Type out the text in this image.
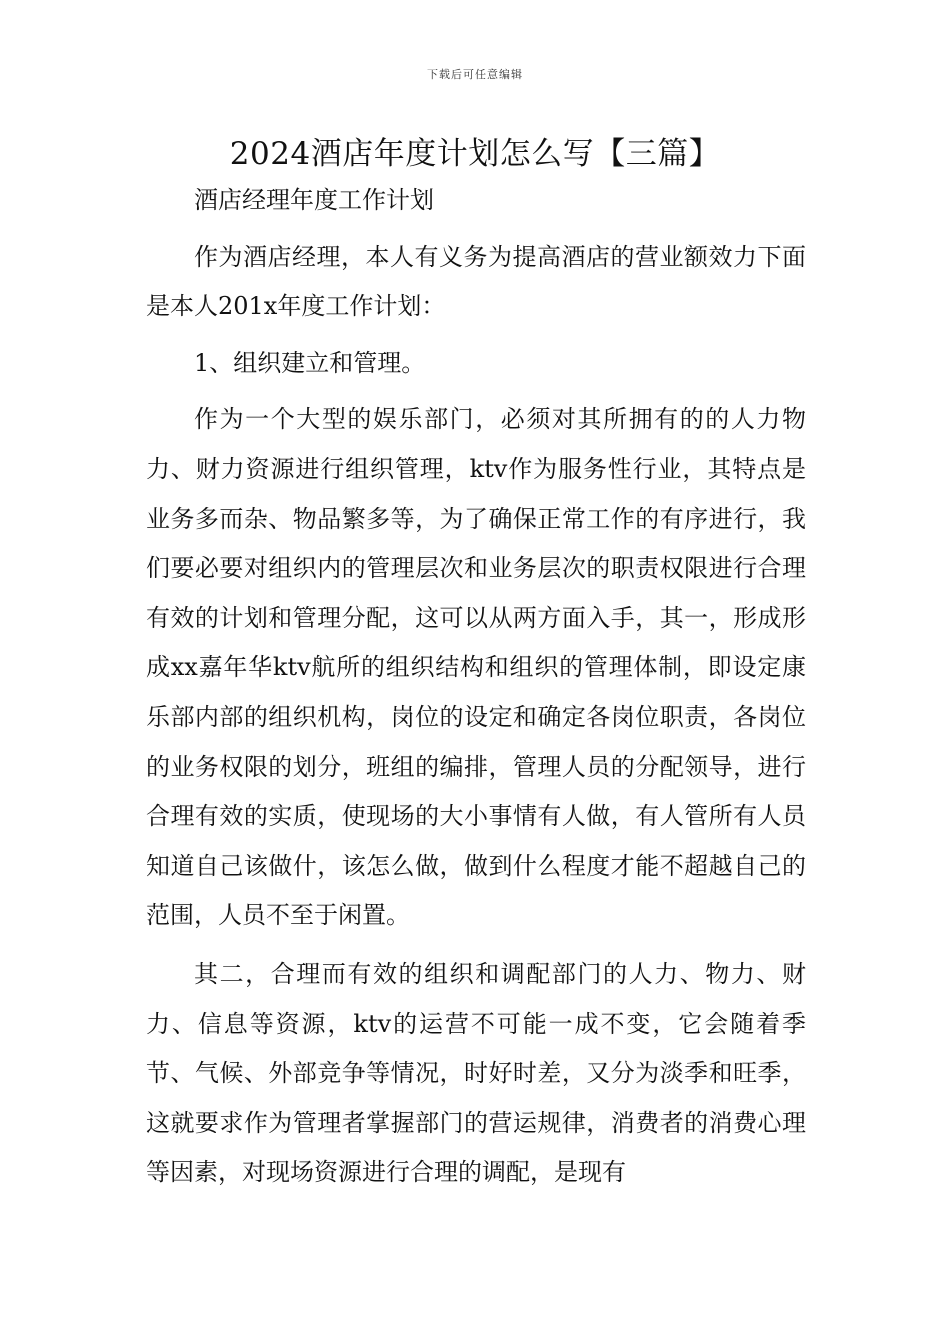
下载后可任意编辑
2024酒店年度计划怎么写【三篇】

酒店经理年度工作计划

作为酒店经理，本人有义务为提高酒店的营业额效力下面是本人201x年度工作计划：

1、组织建立和管理。

作为一个大型的娱乐部门，必须对其所拥有的的人力物力、财力资源进行组织管理，ktv作为服务性行业，其特点是业务多而杂、物品繁多等，为了确保正常工作的有序进行，我们要必要对组织内的管理层次和业务层次的职责权限进行合理有效的计划和管理分配，这可以从两方面入手，其一，形成形成xx嘉年华ktv航所的组织结构和组织的管理体制，即设定康乐部内部的组织机构，岗位的设定和确定各岗位职责，各岗位的业务权限的划分，班组的编排，管理人员的分配领导，进行合理有效的实质，使现场的大小事情有人做，有人管所有人员知道自己该做什，该怎么做，做到什么程度才能不超越自己的范围，人员不至于闲置。

其二，合理而有效的组织和调配部门的人力、物力、财力、信息等资源，ktv的运营不可能一成不变，它会随着季节、气候、外部竞争等情况，时好时差，又分为淡季和旺季，这就要求作为管理者掌握部门的营运规律，消费者的消费心理等因素，对现场资源进行合理的调配，是现有
